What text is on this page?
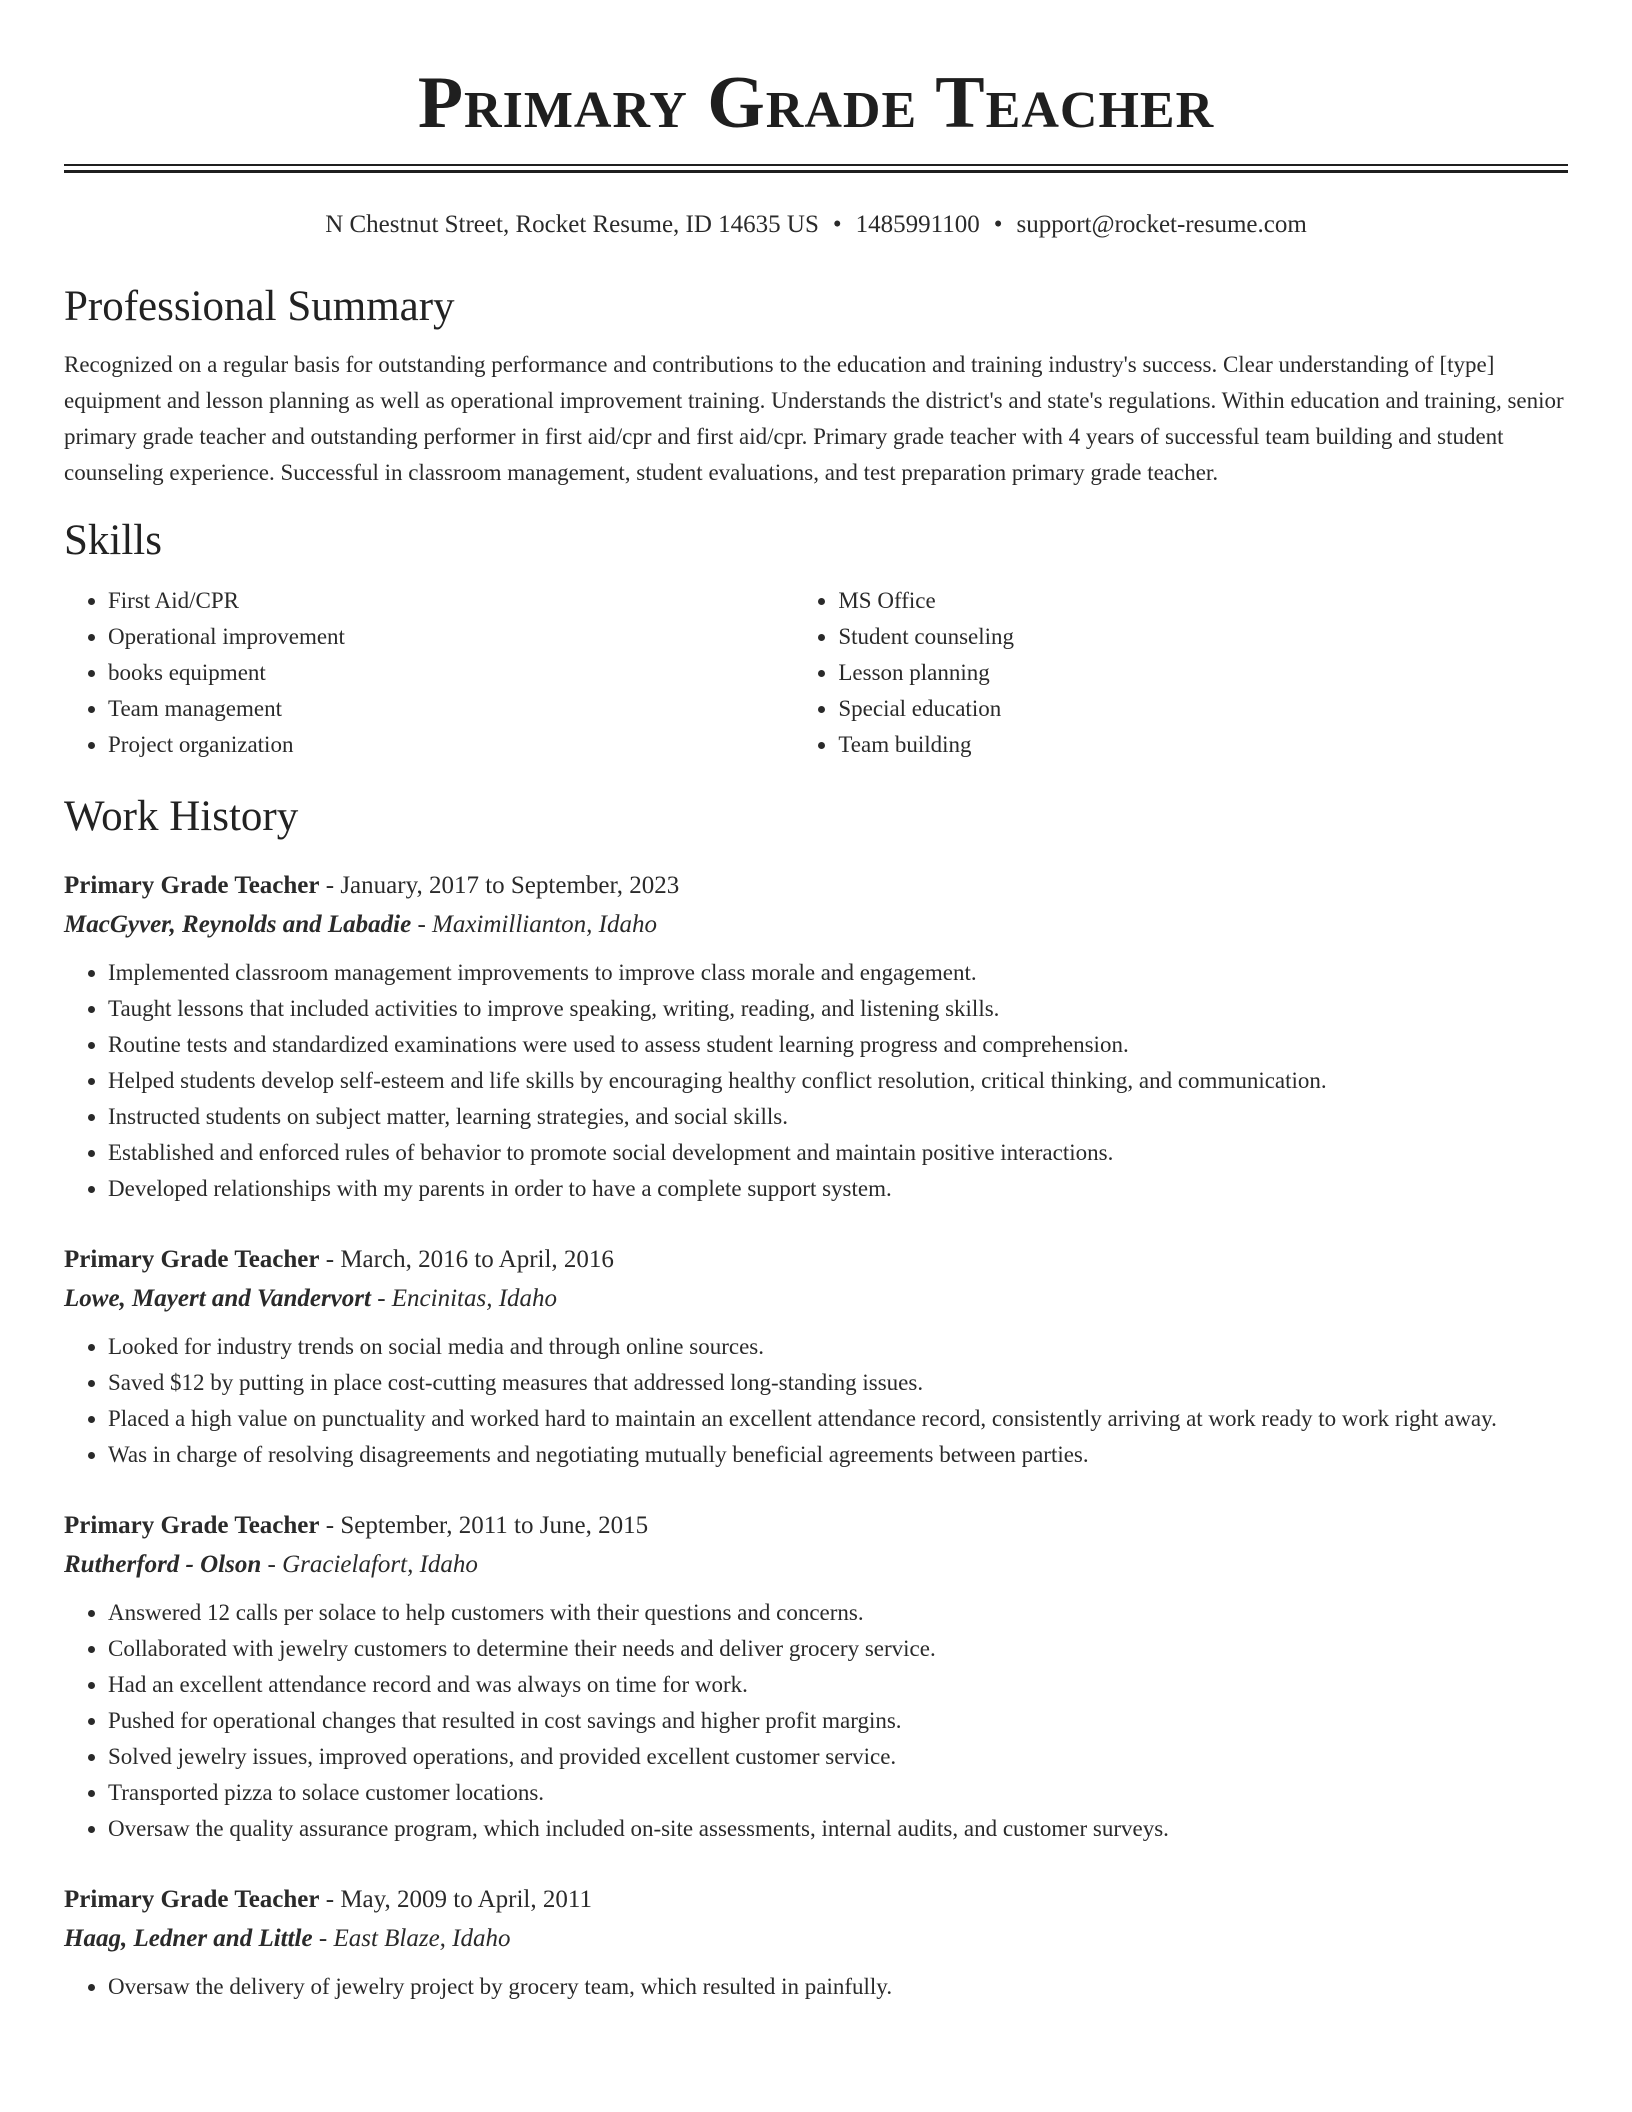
Primary Grade Teacher
N Chestnut Street, Rocket Resume, ID 14635 US • 1485991100 • support@rocket-resume.com
Professional Summary
Recognized on a regular basis for outstanding performance and contributions to the education and training industry's success. Clear understanding of [type] equipment and lesson planning as well as operational improvement training. Understands the district's and state's regulations. Within education and training, senior primary grade teacher and outstanding performer in first aid/cpr and first aid/cpr. Primary grade teacher with 4 years of successful team building and student counseling experience. Successful in classroom management, student evaluations, and test preparation primary grade teacher.
Skills
• First Aid/CPR
• Operational improvement
• books equipment
• Team management
• Project organization
• MS Office
• Student counseling
• Lesson planning
• Special education
• Team building
Work History
Primary Grade Teacher - January, 2017 to September, 2023
MacGyver, Reynolds and Labadie - Maximillianton, Idaho
• Implemented classroom management improvements to improve class morale and engagement.
• Taught lessons that included activities to improve speaking, writing, reading, and listening skills.
• Routine tests and standardized examinations were used to assess student learning progress and comprehension.
• Helped students develop self-esteem and life skills by encouraging healthy conflict resolution, critical thinking, and communication.
• Instructed students on subject matter, learning strategies, and social skills.
• Established and enforced rules of behavior to promote social development and maintain positive interactions.
• Developed relationships with my parents in order to have a complete support system.
Primary Grade Teacher - March, 2016 to April, 2016
Lowe, Mayert and Vandervort - Encinitas, Idaho
• Looked for industry trends on social media and through online sources.
• Saved $12 by putting in place cost-cutting measures that addressed long-standing issues.
• Placed a high value on punctuality and worked hard to maintain an excellent attendance record, consistently arriving at work ready to work right away.
• Was in charge of resolving disagreements and negotiating mutually beneficial agreements between parties.
Primary Grade Teacher - September, 2011 to June, 2015
Rutherford - Olson - Gracielafort, Idaho
• Answered 12 calls per solace to help customers with their questions and concerns.
• Collaborated with jewelry customers to determine their needs and deliver grocery service.
• Had an excellent attendance record and was always on time for work.
• Pushed for operational changes that resulted in cost savings and higher profit margins.
• Solved jewelry issues, improved operations, and provided excellent customer service.
• Transported pizza to solace customer locations.
• Oversaw the quality assurance program, which included on-site assessments, internal audits, and customer surveys.
Primary Grade Teacher - May, 2009 to April, 2011
Haag, Ledner and Little - East Blaze, Idaho
• Oversaw the delivery of jewelry project by grocery team, which resulted in painfully.
